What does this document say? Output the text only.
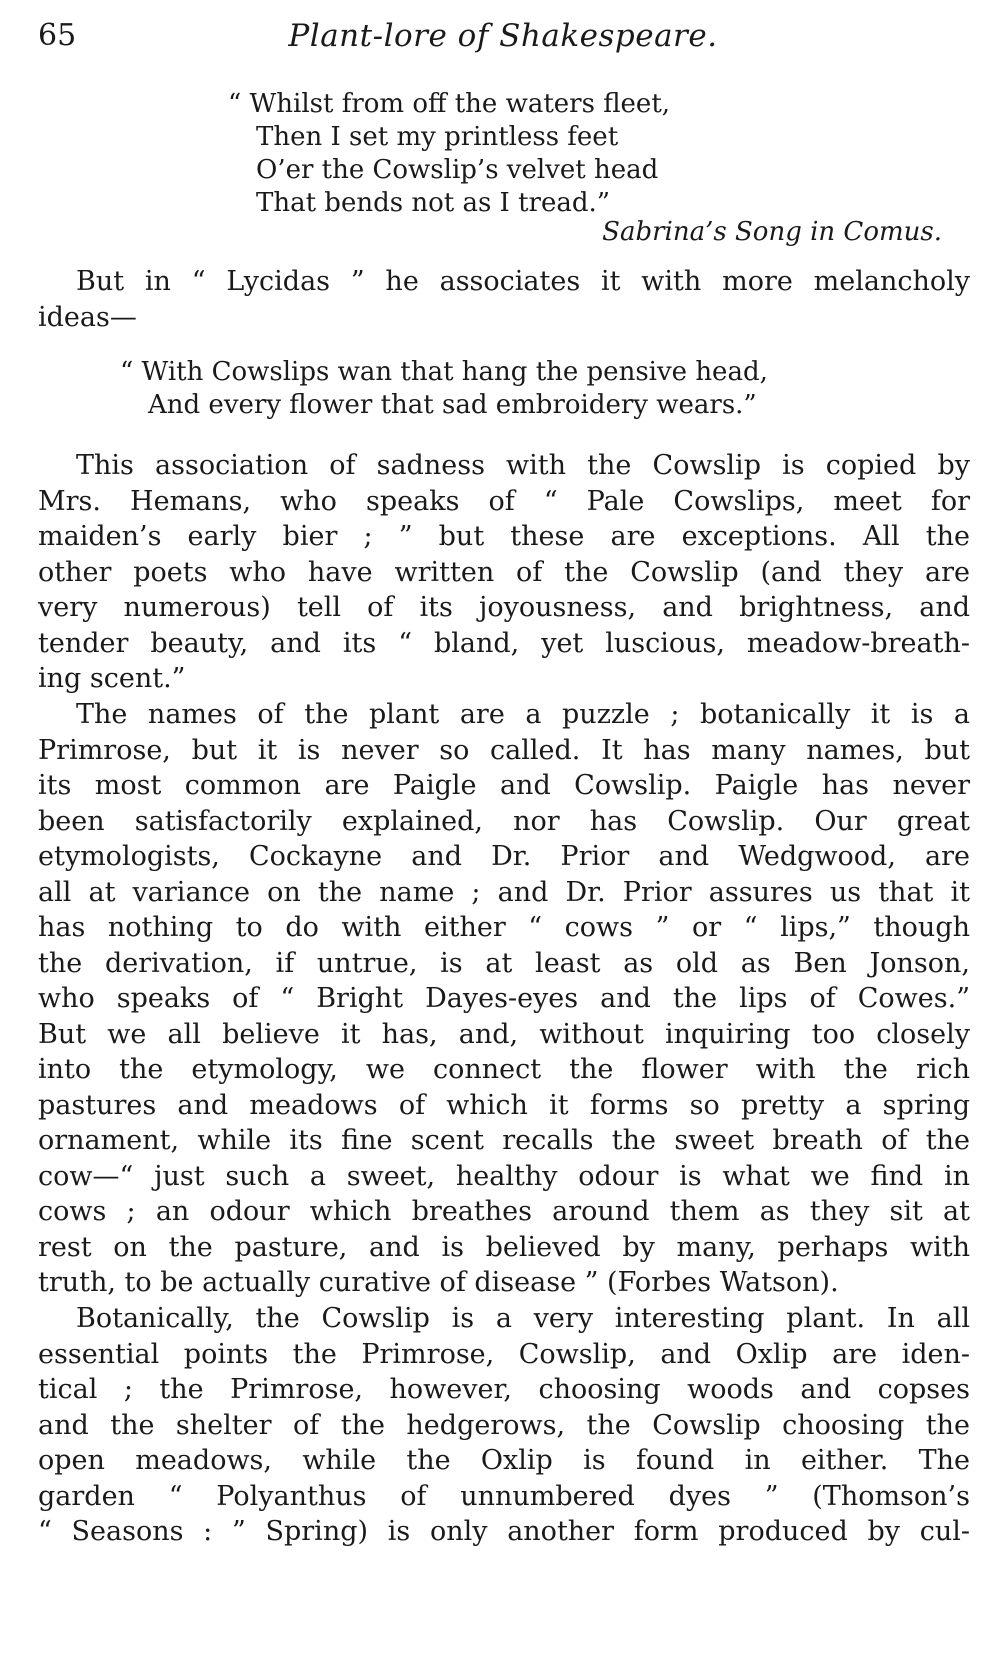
65	Plant-lore of Shakespeare.
“ Whilst from off the waters fleet,
Then I set my printless feet
O’er the Cowslip’s velvet head
That bends not as I tread.”
Sabrina’s Song in Comus.
But in “ Lycidas ” he associates it with more melancholy
ideas—
“ With Cowslips wan that hang the pensive head,
And every flower that sad embroidery wears.”
This association of sadness with the Cowslip is copied by
Mrs. Hemans, who speaks of “ Pale Cowslips, meet for
maiden’s early bier ; ” but these are exceptions. All the
other poets who have written of the Cowslip (and they are
very numerous) tell of its joyousness, and brightness, and
tender beauty, and its “ bland, yet luscious, meadow-breath-
ing scent.”
The names of the plant are a puzzle ; botanically it is a
Primrose, but it is never so called. It has many names, but
its most common are Paigle and Cowslip. Paigle has never
been satisfactorily explained, nor has Cowslip. Our great
etymologists, Cockayne and Dr. Prior and Wedgwood, are
all at variance on the name ; and Dr. Prior assures us that it
has nothing to do with either “ cows ” or “ lips,” though
the derivation, if untrue, is at least as old as Ben Jonson,
who speaks of “ Bright Dayes-eyes and the lips of Cowes.”
But we all believe it has, and, without inquiring too closely
into the etymology, we connect the flower with the rich
pastures and meadows of which it forms so pretty a spring
ornament, while its fine scent recalls the sweet breath of the
cow—“ just such a sweet, healthy odour is what we find in
cows ; an odour which breathes around them as they sit at
rest on the pasture, and is believed by many, perhaps with
truth, to be actually curative of disease ” (Forbes Watson).
Botanically, the Cowslip is a very interesting plant. In all
essential points the Primrose, Cowslip, and Oxlip are iden-
tical ; the Primrose, however, choosing woods and copses
and the shelter of the hedgerows, the Cowslip choosing the
open meadows, while the Oxlip is found in either. The
garden “ Polyanthus of unnumbered dyes ” (Thomson’s
“ Seasons : ” Spring) is only another form produced by cul-
